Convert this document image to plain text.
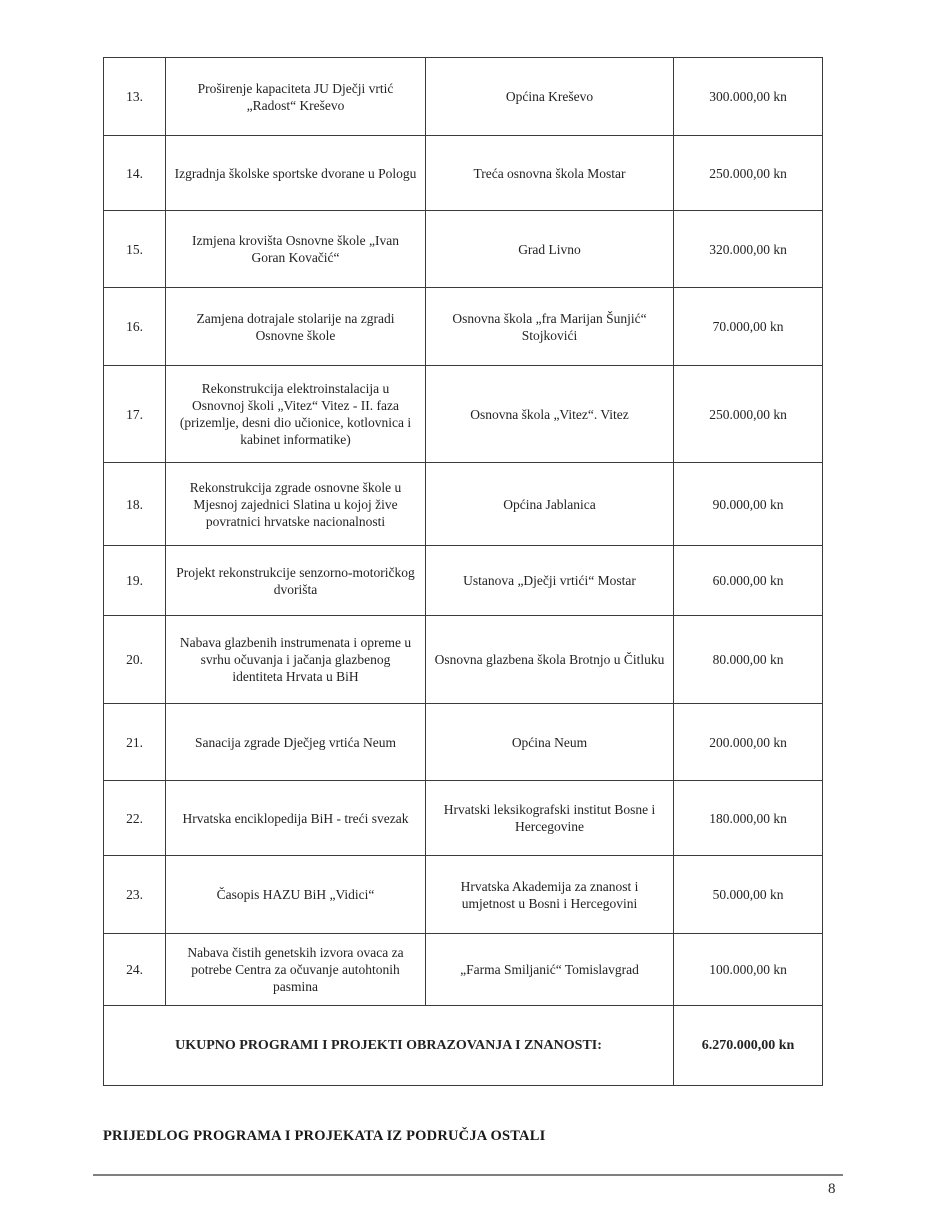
13.	Proširenje kapaciteta JU Dječji vrtić „Radost“ Kreševo	Općina Kreševo	300.000,00 kn
14.	Izgradnja školske sportske dvorane u Pologu	Treća osnovna škola Mostar	250.000,00 kn
15.	Izmjena krovišta Osnovne škole „Ivan Goran Kovačić“	Grad Livno	320.000,00 kn
16.	Zamjena dotrajale stolarije na zgradi Osnovne škole	Osnovna škola „fra Marijan Šunjić“ Stojkovići	70.000,00 kn
17.	Rekonstrukcija elektroinstalacija u Osnovnoj školi „Vitez“ Vitez - II. faza (prizemlje, desni dio učionice, kotlovnica i kabinet informatike)	Osnovna škola „Vitez“. Vitez	250.000,00 kn
18.	Rekonstrukcija zgrade osnovne škole u Mjesnoj zajednici Slatina u kojoj žive povratnici hrvatske nacionalnosti	Općina Jablanica	90.000,00 kn
19.	Projekt rekonstrukcije senzorno-motoričkog dvorišta	Ustanova „Dječji vrtići“ Mostar	60.000,00 kn
20.	Nabava glazbenih instrumenata i opreme u svrhu očuvanja i jačanja glazbenog identiteta Hrvata u BiH	Osnovna glazbena škola Brotnjo u Čitluku	80.000,00 kn
21.	Sanacija zgrade Dječjeg vrtića Neum	Općina Neum	200.000,00 kn
22.	Hrvatska enciklopedija BiH - treći svezak	Hrvatski leksikografski institut Bosne i Hercegovine	180.000,00 kn
23.	Časopis HAZU BiH „Vidici“	Hrvatska Akademija za znanost i umjetnost u Bosni i Hercegovini	50.000,00 kn
24.	Nabava čistih genetskih izvora ovaca za potrebe Centra za očuvanje autohtonih pasmina	„Farma Smiljanić“ Tomislavgrad	100.000,00 kn
UKUPNO PROGRAMI I PROJEKTI OBRAZOVANJA I ZNANOSTI:			6.270.000,00 kn
PRIJEDLOG PROGRAMA I PROJEKATA IZ PODRUČJA OSTALI
8
